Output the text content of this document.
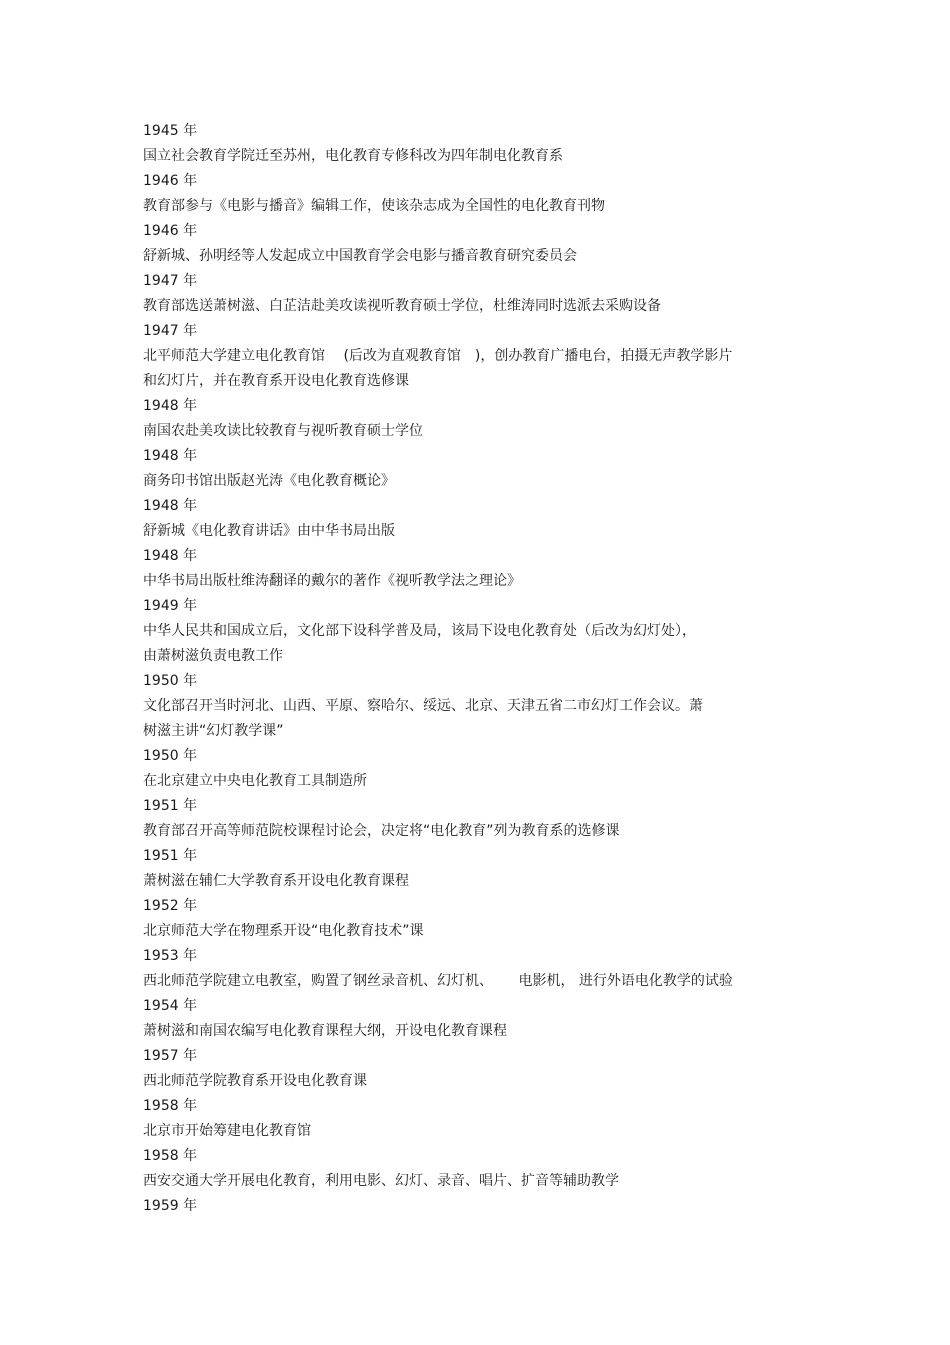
1945 年
国立社会教育学院迁至苏州，电化教育专修科改为四年制电化教育系
1946 年
教育部参与《电影与播音》编辑工作，使该杂志成为全国性的电化教育刊物
1946 年
舒新城、孙明经等人发起成立中国教育学会电影与播音教育研究委员会
1947 年
教育部选送萧树滋、白芷洁赴美攻读视听教育硕士学位，杜维涛同时选派去采购设备
1947 年
北平师范大学建立电化教育馆　 (后改为直观教育馆　)，创办教育广播电台，拍摄无声教学影片
和幻灯片，并在教育系开设电化教育选修课
1948 年
南国农赴美攻读比较教育与视听教育硕士学位
1948 年
商务印书馆出版赵光涛《电化教育概论》
1948 年
舒新城《电化教育讲话》由中华书局出版
1948 年
中华书局出版杜维涛翻译的戴尔的著作《视听教学法之理论》
1949 年
中华人民共和国成立后，文化部下设科学普及局，该局下设电化教育处（后改为幻灯处），
由萧树滋负责电教工作
1950 年
文化部召开当时河北、山西、平原、察哈尔、绥远、北京、天津五省二市幻灯工作会议。萧
树滋主讲“幻灯教学课”
1950 年
在北京建立中央电化教育工具制造所
1951 年
教育部召开高等师范院校课程讨论会，决定将“电化教育”列为教育系的选修课
1951 年
萧树滋在辅仁大学教育系开设电化教育课程
1952 年
北京师范大学在物理系开设“电化教育技术”课
1953 年
西北师范学院建立电教室，购置了钢丝录音机、幻灯机、　　 电影机， 进行外语电化教学的试验
1954 年
萧树滋和南国农编写电化教育课程大纲，开设电化教育课程
1957 年
西北师范学院教育系开设电化教育课
1958 年
北京市开始筹建电化教育馆
1958 年
西安交通大学开展电化教育，利用电影、幻灯、录音、唱片、扩音等辅助教学
1959 年
